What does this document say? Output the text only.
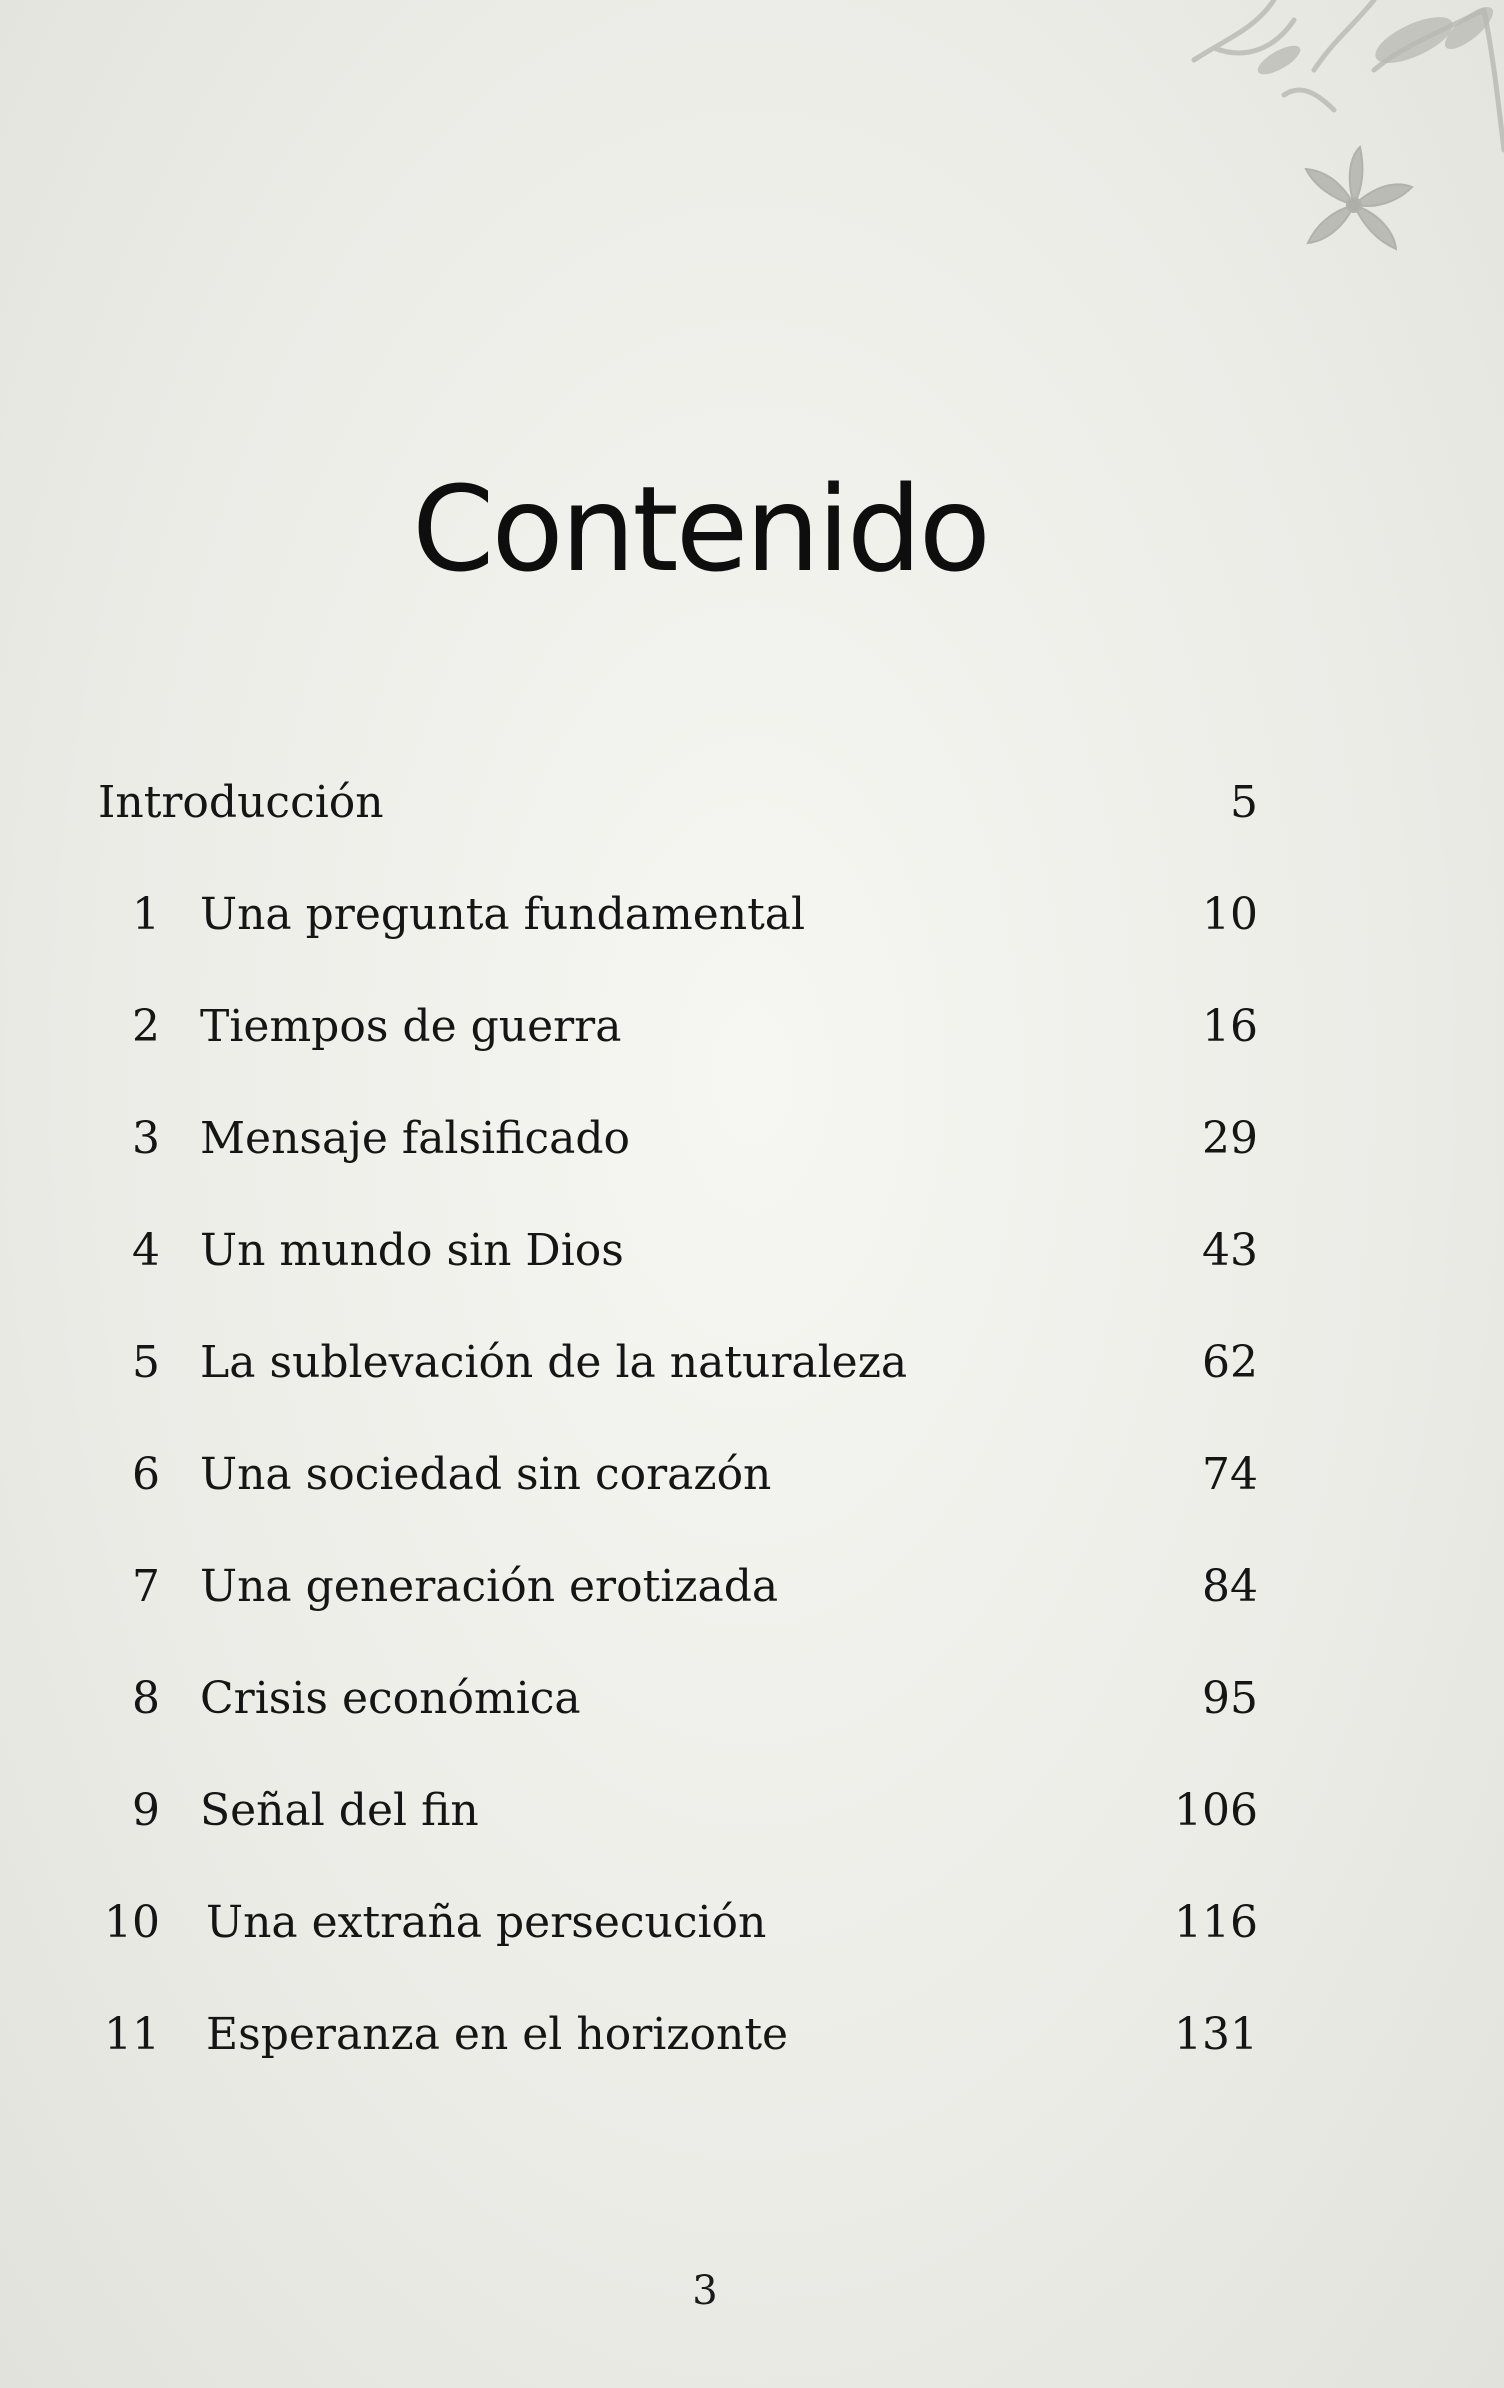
Contenido
Introducción	5
1 Una pregunta fundamental	10
2 Tiempos de guerra	16
3 Mensaje falsificado	29
4 Un mundo sin Dios	43
5 La sublevación de la naturaleza	62
6 Una sociedad sin corazón	74
7 Una generación erotizada	84
8 Crisis económica	95
9 Señal del fin	106
10 Una extraña persecución	116
11 Esperanza en el horizonte	131
3
